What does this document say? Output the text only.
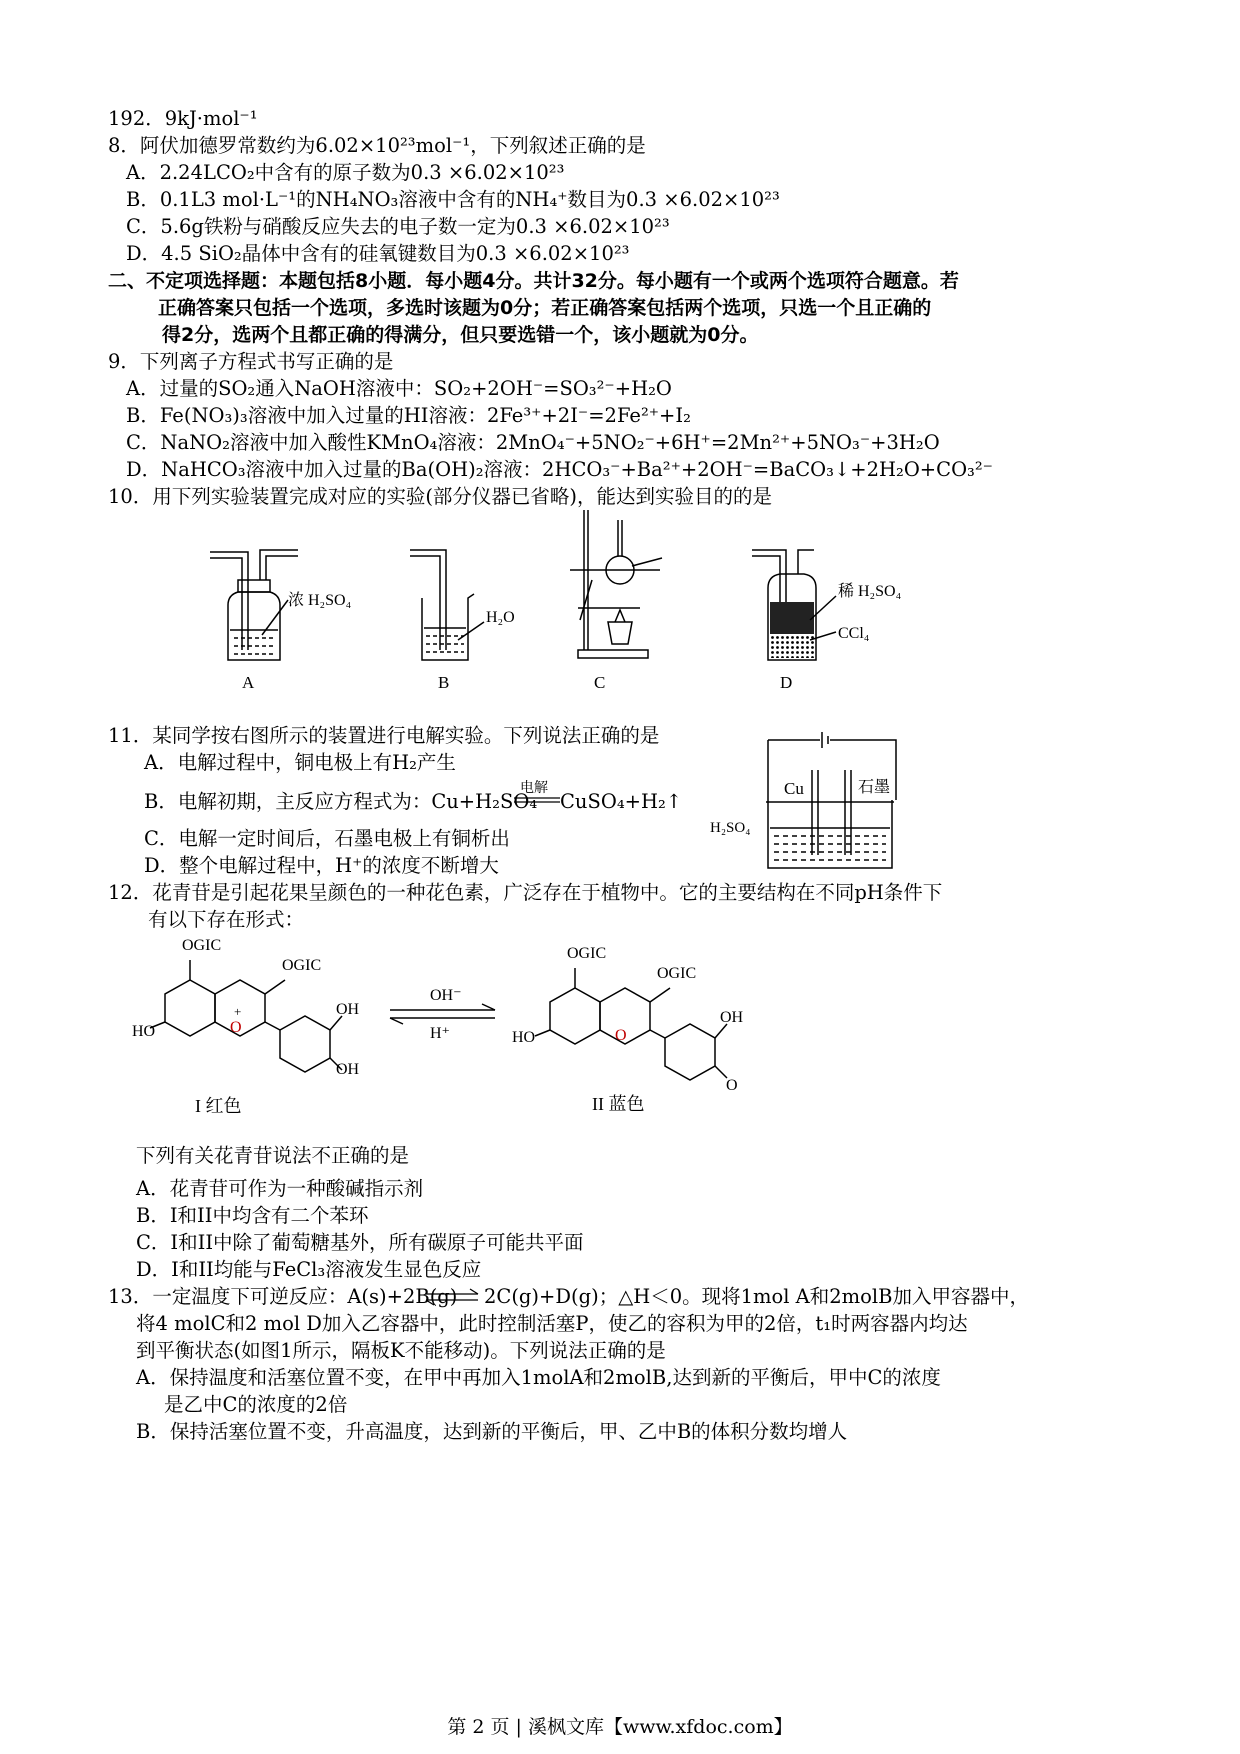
192．9kJ·mol⁻¹
8．阿伏加德罗常数约为6.02×10²³mol⁻¹，下列叙述正确的是
A．2.24LCO₂中含有的原子数为0.3 ×6.02×10²³
B．0.1L3 mol·L⁻¹的NH₄NO₃溶液中含有的NH₄⁺数目为0.3 ×6.02×10²³
C．5.6g铁粉与硝酸反应失去的电子数一定为0.3 ×6.02×10²³
D．4.5 SiO₂晶体中含有的硅氧键数目为0.3 ×6.02×10²³
二、不定项选择题：本题包括8小题．每小题4分。共计32分。每小题有一个或两个选项符合题意。若
正确答案只包括一个选项，多选时该题为0分；若正确答案包括两个选项，只选一个且正确的
得2分，选两个且都正确的得满分，但只要选错一个，该小题就为0分。
9．下列离子方程式书写正确的是
A．过量的SO₂通入NaOH溶液中：SO₂+2OH⁻=SO₃²⁻+H₂O
B．Fe(NO₃)₃溶液中加入过量的HI溶液：2Fe³⁺+2I⁻=2Fe²⁺+I₂
C．NaNO₂溶液中加入酸性KMnO₄溶液：2MnO₄⁻+5NO₂⁻+6H⁺=2Mn²⁺+5NO₃⁻+3H₂O
D．NaHCO₃溶液中加入过量的Ba(OH)₂溶液：2HCO₃⁻+Ba²⁺+2OH⁻=BaCO₃↓+2H₂O+CO₃²⁻
10．用下列实验装置完成对应的实验(部分仪器已省略)，能达到实验目的的是
浓 H₂SO₄
A
H₂O
B	C
稀 H₂SO₄
CCl₄
D
11．某同学按右图所示的装置进行电解实验。下列说法正确的是
A．电解过程中，铜电极上有H₂产生
B．电解初期，主反应方程式为：Cu+H₂SO₄
电解
CuSO₄+H₂↑
C．电解一定时间后，石墨电极上有铜析出
D．整个电解过程中，H⁺的浓度不断增大
Cu	石墨
H₂SO₄
12．花青苷是引起花果呈颜色的一种花色素，广泛存在于植物中。它的主要结构在不同pH条件下
有以下存在形式：
OGIC
OGIC
HO	O
+	OH
OH
OH⁻
H⁺
OGIC
OGIC
HO	O
OH
O
I 红色	II 蓝色
下列有关花青苷说法不正确的是
A．花青苷可作为一种酸碱指示剂
B．I和II中均含有二个苯环
C．I和II中除了葡萄糖基外，所有碳原子可能共平面
D．I和II均能与FeCl₃溶液发生显色反应
13．一定温度下可逆反应：A(s)+2B(g) ⇌ 2C(g)+D(g)；△H＜0。现将1mol A和2molB加入甲容器中，
将4 molC和2 mol D加入乙容器中，此时控制活塞P，使乙的容积为甲的2倍，t₁时两容器内均达
到平衡状态(如图1所示，隔板K不能移动)。下列说法正确的是
A．保持温度和活塞位置不变，在甲中再加入1molA和2molB,达到新的平衡后，甲中C的浓度
是乙中C的浓度的2倍
B．保持活塞位置不变，升高温度，达到新的平衡后，甲、乙中B的体积分数均增人
第 2 页 | 溪枫文库【www.xfdoc.com】
